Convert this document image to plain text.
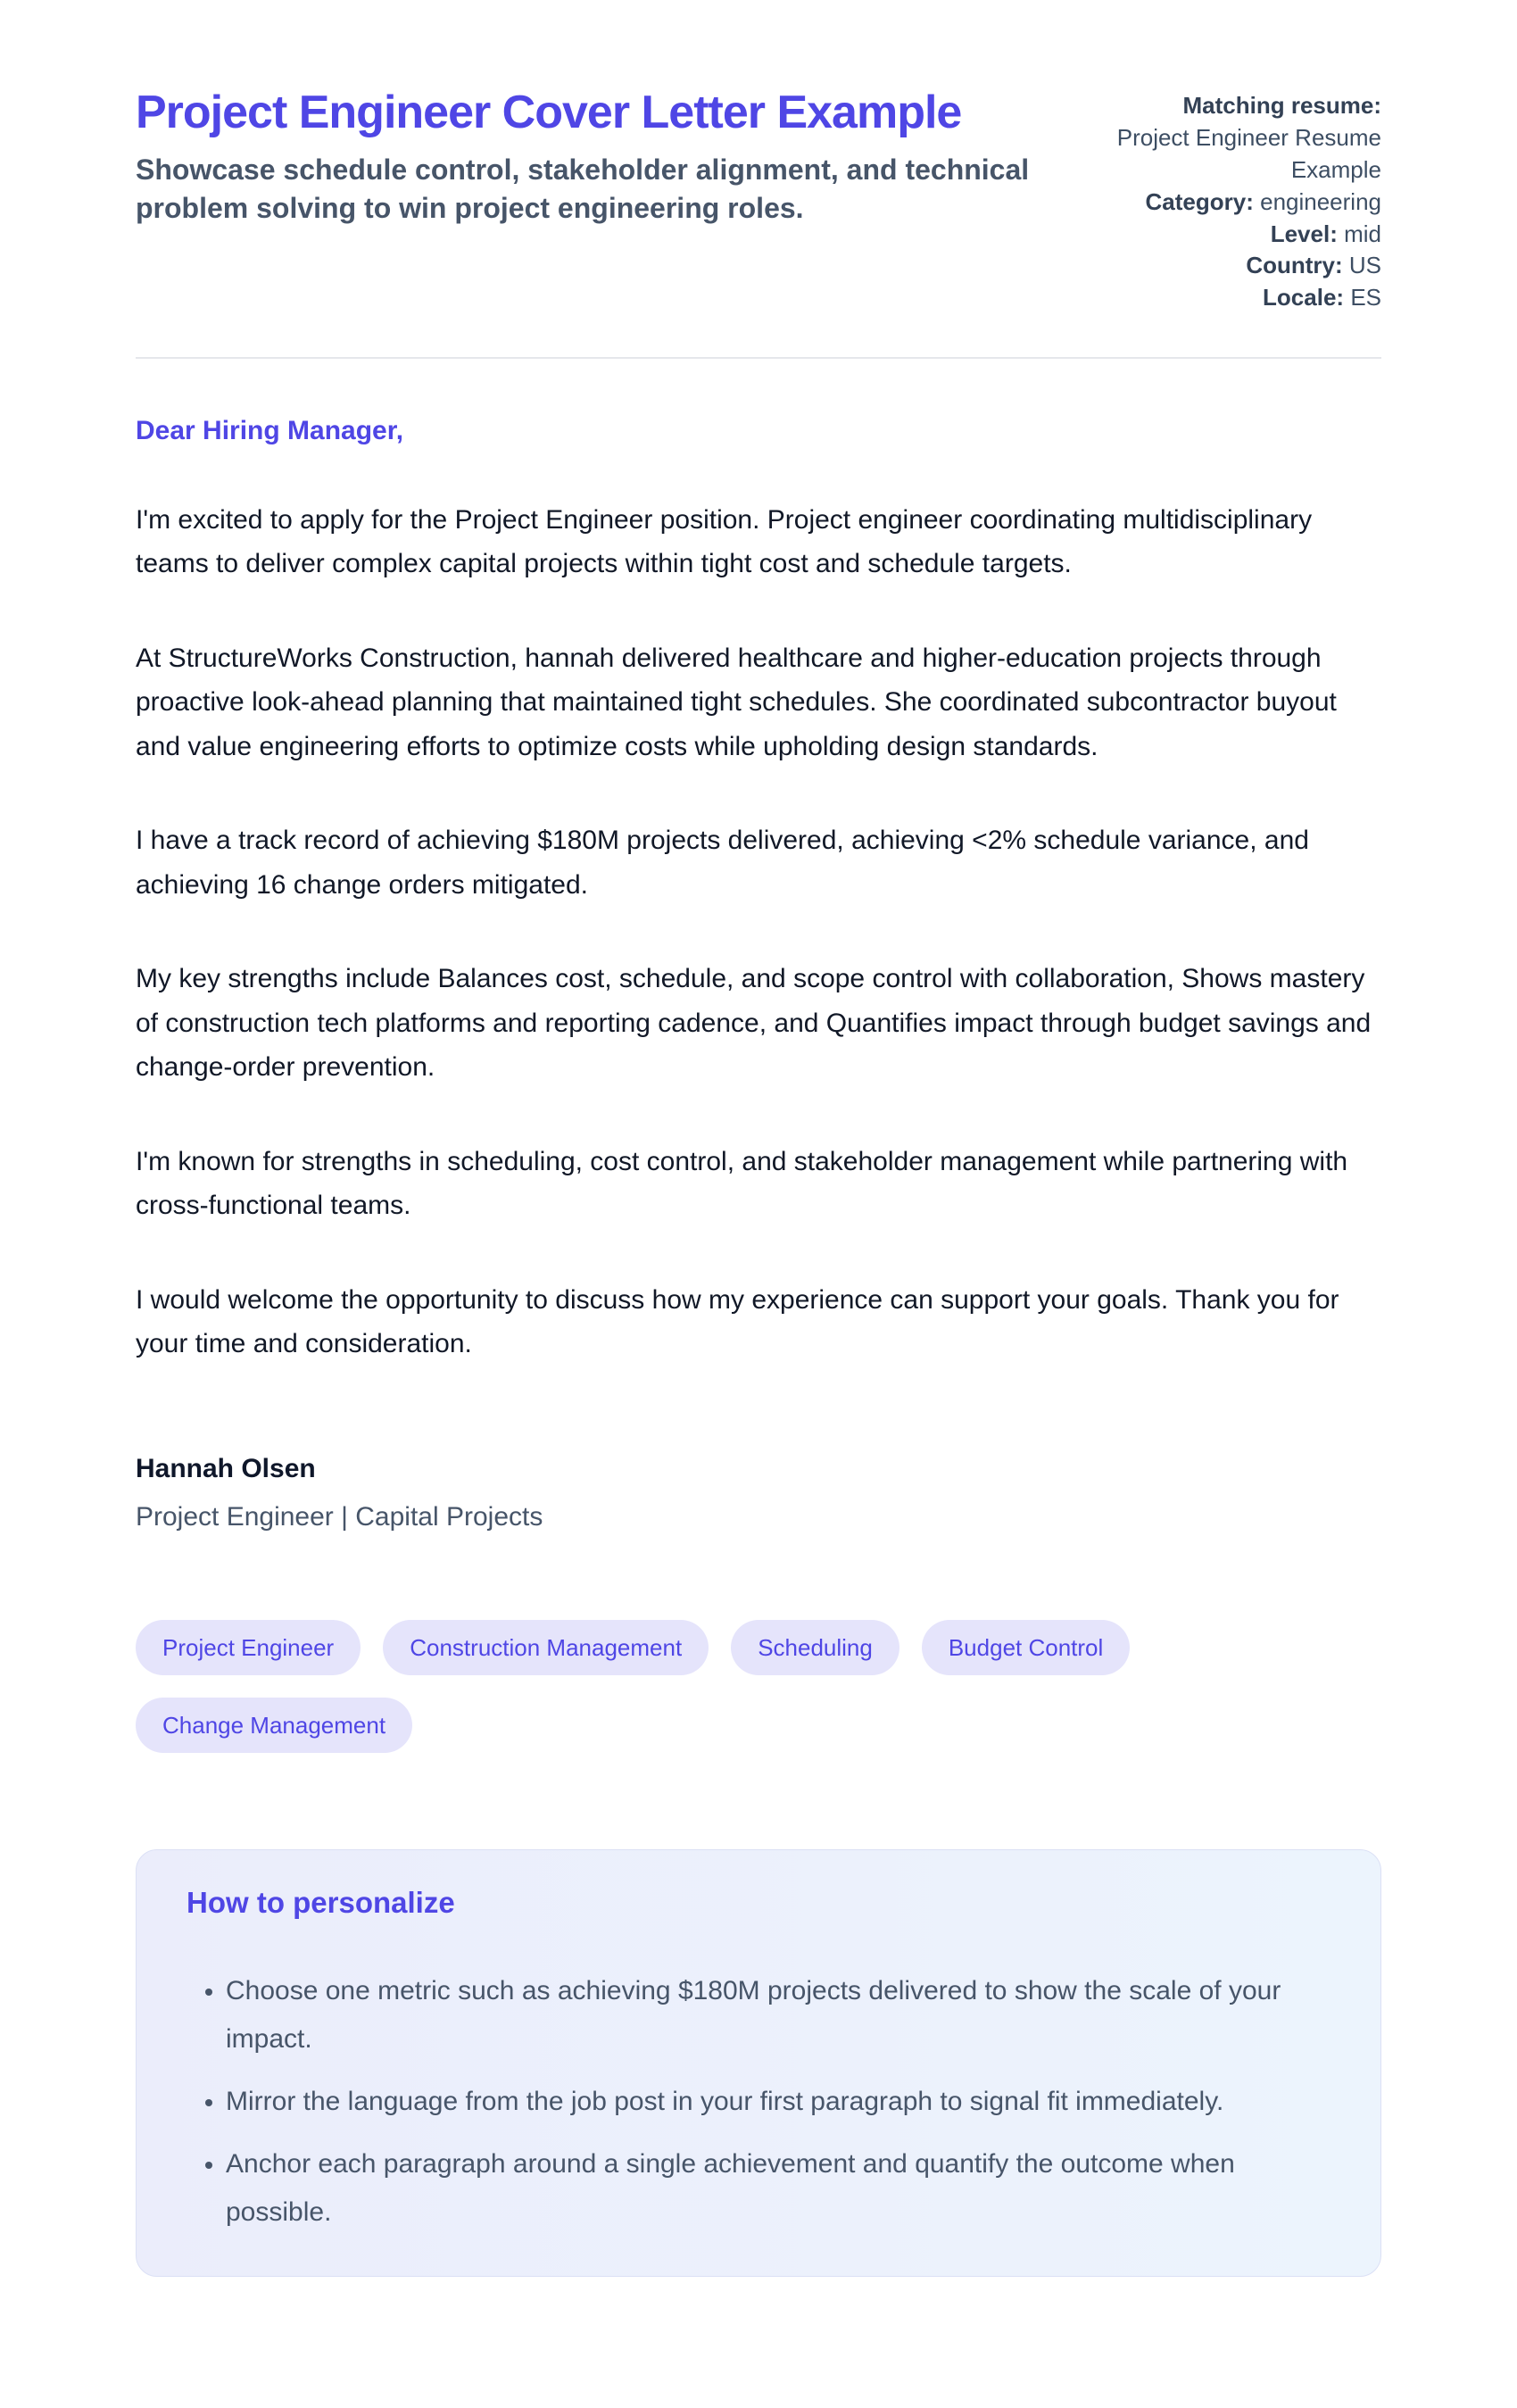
Project Engineer Cover Letter Example

Showcase schedule control, stakeholder alignment, and technical problem solving to win project engineering roles.

Matching resume: Project Engineer Resume Example
Category: engineering
Level: mid
Country: US
Locale: ES

Dear Hiring Manager,

I'm excited to apply for the Project Engineer position. Project engineer coordinating multidisciplinary teams to deliver complex capital projects within tight cost and schedule targets.

At StructureWorks Construction, hannah delivered healthcare and higher-education projects through proactive look-ahead planning that maintained tight schedules. She coordinated subcontractor buyout and value engineering efforts to optimize costs while upholding design standards.

I have a track record of achieving $180M projects delivered, achieving <2% schedule variance, and achieving 16 change orders mitigated.

My key strengths include Balances cost, schedule, and scope control with collaboration, Shows mastery of construction tech platforms and reporting cadence, and Quantifies impact through budget savings and change-order prevention.

I'm known for strengths in scheduling, cost control, and stakeholder management while partnering with cross-functional teams.

I would welcome the opportunity to discuss how my experience can support your goals. Thank you for your time and consideration.

Hannah Olsen

Project Engineer | Capital Projects

Project Engineer	Construction Management	Scheduling	Budget Control
Change Management
How to personalize
• Choose one metric such as achieving $180M projects delivered to show the scale of your impact.
• Mirror the language from the job post in your first paragraph to signal fit immediately.
• Anchor each paragraph around a single achievement and quantify the outcome when possible.
